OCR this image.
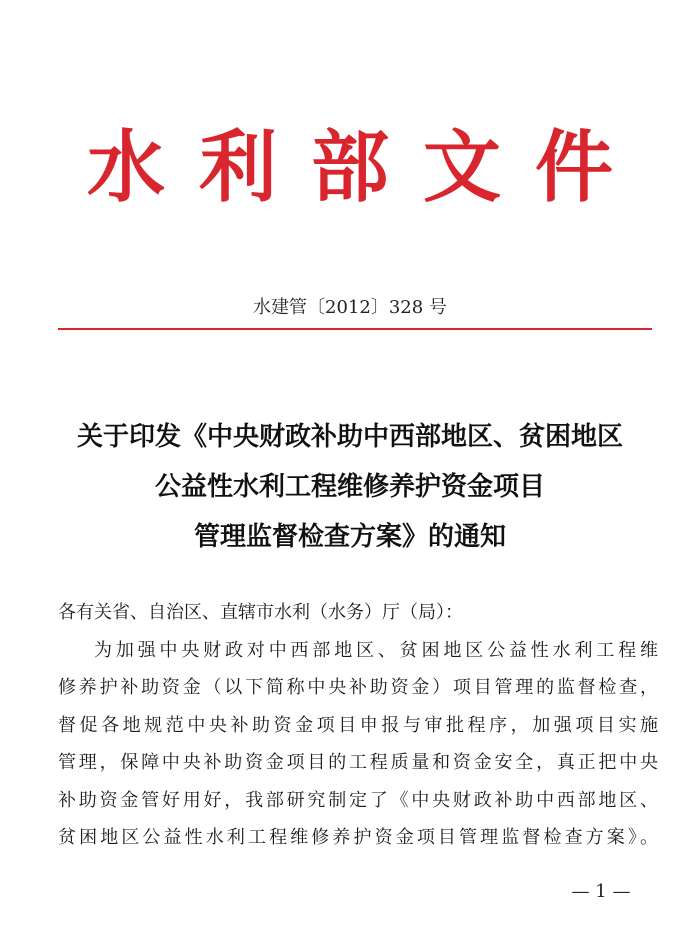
水利部文件
水建管〔2012〕328 号
关于印发《中央财政补助中西部地区、贫困地区
公益性水利工程维修养护资金项目
管理监督检查方案》的通知
各有关省、自治区、直辖市水利（水务）厅（局）：
为加强中央财政对中西部地区、贫困地区公益性水利工程维
修养护补助资金（以下简称中央补助资金）项目管理的监督检查，
督促各地规范中央补助资金项目申报与审批程序，加强项目实施
管理，保障中央补助资金项目的工程质量和资金安全，真正把中央
补助资金管好用好，我部研究制定了《中央财政补助中西部地区、
贫困地区公益性水利工程维修养护资金项目管理监督检查方案》。
— 1 —
